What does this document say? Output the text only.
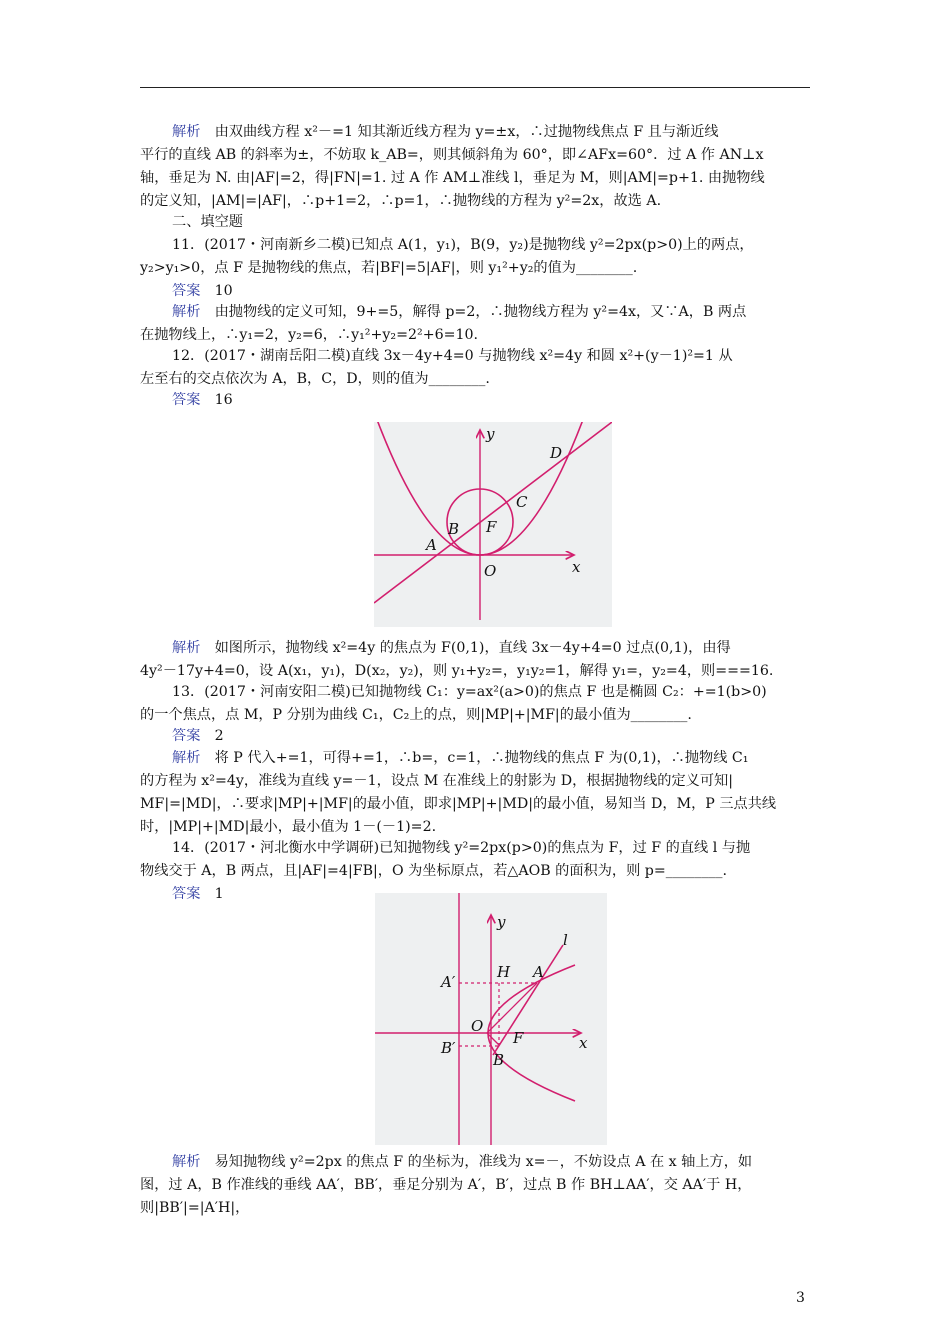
解析　由双曲线方程 x²－=1 知其渐近线方程为 y=±x，∴过抛物线焦点 F 且与渐近线
平行的直线 AB 的斜率为±，不妨取 k_AB=，则其倾斜角为 60°，即∠AFx=60°．过 A 作 AN⊥x
轴，垂足为 N. 由|AF|=2，得|FN|=1. 过 A 作 AM⊥准线 l，垂足为 M，则|AM|=p+1. 由抛物线
的定义知，|AM|=|AF|，∴p+1=2，∴p=1，∴抛物线的方程为 y²=2x，故选 A.
二、填空题
11．(2017・河南新乡二模)已知点 A(1，y₁)，B(9，y₂)是抛物线 y²=2px(p>0)上的两点，
y₂>y₁>0，点 F 是抛物线的焦点，若|BF|=5|AF|，则 y₁²+y₂的值为________.
答案　10
解析　由抛物线的定义可知，9+=5，解得 p=2，∴抛物线方程为 y²=4x，又∵A，B 两点
在抛物线上，∴y₁=2，y₂=6，∴y₁²+y₂=2²+6=10.
12．(2017・湖南岳阳二模)直线 3x－4y+4=0 与抛物线 x²=4y 和圆 x²+(y－1)²=1 从
左至右的交点依次为 A，B，C，D，则的值为________.
答案　16
解析　如图所示，抛物线 x²=4y 的焦点为 F(0,1)，直线 3x－4y+4=0 过点(0,1)，由得
4y²－17y+4=0，设 A(x₁，y₁)，D(x₂，y₂)，则 y₁+y₂=，y₁y₂=1，解得 y₁=，y₂=4，则===16.
13．(2017・河南安阳二模)已知抛物线 C₁：y=ax²(a>0)的焦点 F 也是椭圆 C₂：+=1(b>0)
的一个焦点，点 M，P 分别为曲线 C₁，C₂上的点，则|MP|+|MF|的最小值为________.
答案　2
解析　将 P 代入+=1，可得+=1，∴b=，c=1，∴抛物线的焦点 F 为(0,1)，∴抛物线 C₁
的方程为 x²=4y，准线为直线 y=－1，设点 M 在准线上的射影为 D，根据抛物线的定义可知|
MF|=|MD|，∴要求|MP|+|MF|的最小值，即求|MP|+|MD|的最小值，易知当 D，M，P 三点共线
时，|MP|+|MD|最小，最小值为 1－(－1)=2.
14．(2017・河北衡水中学调研)已知抛物线 y²=2px(p>0)的焦点为 F，过 F 的直线 l 与抛
物线交于 A，B 两点，且|AF|=4|FB|，O 为坐标原点，若△AOB 的面积为，则 p=________.
答案　1
解析　易知抛物线 y²=2px 的焦点 F 的坐标为，准线为 x=－，不妨设点 A 在 x 轴上方，如
图，过 A，B 作准线的垂线 AA′，BB′，垂足分别为 A′，B′，过点 B 作 BH⊥AA′，交 AA′于 H，
则|BB′|=|A′H|，
y
x
O
A
B F
C
D
y
x
l
H A
A′
O
F
B′
B
3
